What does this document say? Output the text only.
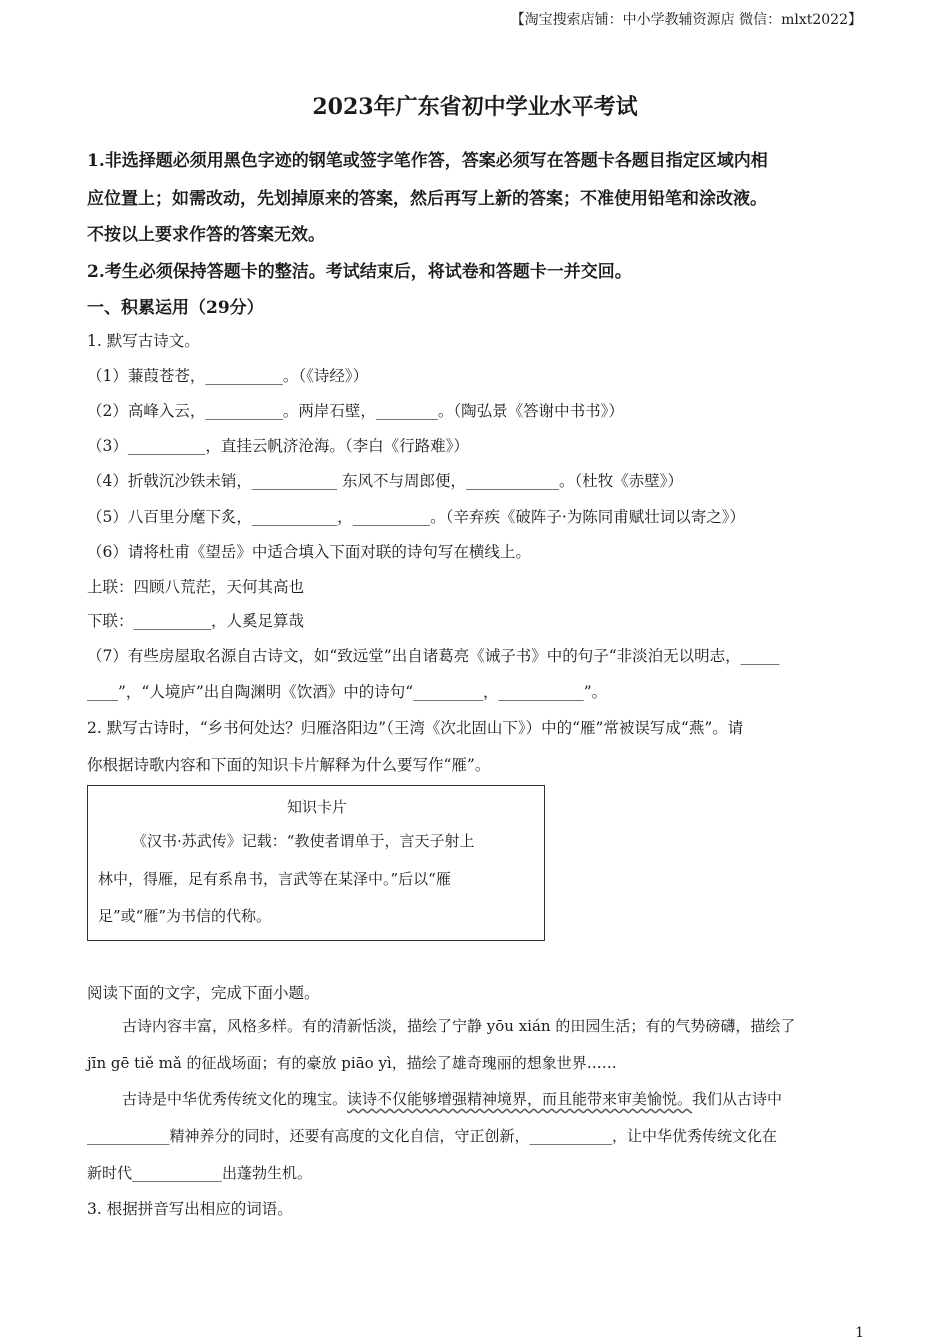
【淘宝搜索店铺：中小学教辅资源店 微信：mlxt2022】
2023年广东省初中学业水平考试
1.非选择题必须用黑色字迹的钢笔或签字笔作答，答案必须写在答题卡各题目指定区域内相
应位置上；如需改动，先划掉原来的答案，然后再写上新的答案；不准使用铅笔和涂改液。
不按以上要求作答的答案无效。
2.考生必须保持答题卡的整洁。考试结束后，将试卷和答题卡一并交回。
一、积累运用（29分）
1. 默写古诗文。
（1）蒹葭苍苍，__________。（《诗经》）
（2）高峰入云，__________。两岸石壁，________。（陶弘景《答谢中书书》）
（3）__________，直挂云帆济沧海。（李白《行路难》）
（4）折戟沉沙铁未销，___________ 东风不与周郎便，____________。（杜牧《赤壁》）
（5）八百里分麾下炙，___________，__________。（辛弃疾《破阵子·为陈同甫赋壮词以寄之》）
（6）请将杜甫《望岳》中适合填入下面对联的诗句写在横线上。
上联：四顾八荒茫，天何其高也
下联：__________，人奚足算哉
（7）有些房屋取名源自古诗文，如“致远堂”出自诸葛亮《诫子书》中的句子“非淡泊无以明志，_____
____”，“人境庐”出自陶渊明《饮酒》中的诗句“_________，___________”。
2. 默写古诗时，“乡书何处达？归雁洛阳边”（王湾《次北固山下》）中的“雁”常被误写成“燕”。请
你根据诗歌内容和下面的知识卡片解释为什么要写作“雁”。
知识卡片
《汉书·苏武传》记载：“教使者谓单于，言天子射上
林中，得雁，足有系帛书，言武等在某泽中。”后以“雁
足”或“雁”为书信的代称。
阅读下面的文字，完成下面小题。
古诗内容丰富，风格多样。有的清新恬淡，描绘了宁静 yōu xián 的田园生活；有的气势磅礴，描绘了
jīn gē tiě mǎ 的征战场面；有的豪放 piāo yì，描绘了雄奇瑰丽的想象世界……
古诗是中华优秀传统文化的瑰宝。读诗不仅能够增强精神境界，而且能带来审美愉悦。我们从古诗中
___________精神养分的同时，还要有高度的文化自信，守正创新，___________，让中华优秀传统文化在
新时代____________出蓬勃生机。
3. 根据拼音写出相应的词语。
1
